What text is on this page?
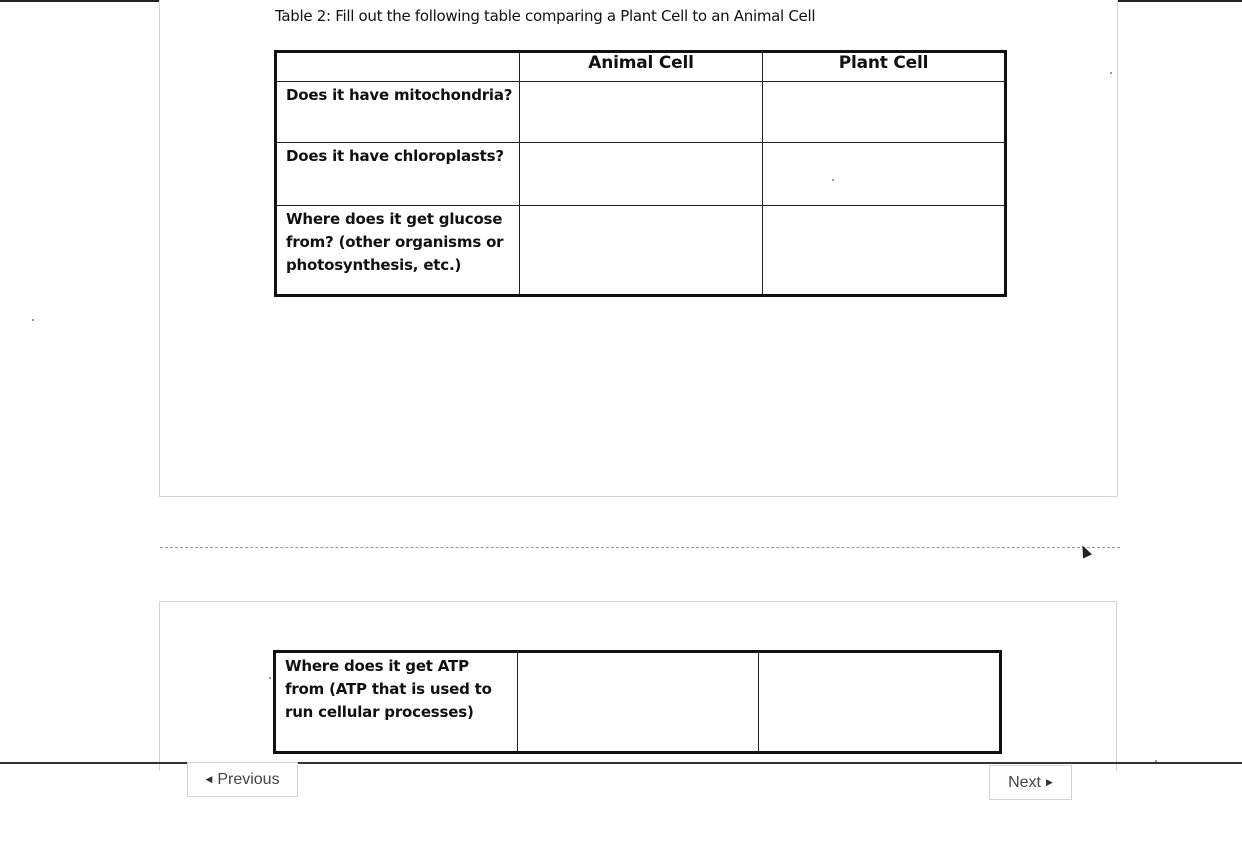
Table 2: Fill out the following table comparing a Plant Cell to an Animal Cell
	Animal Cell	Plant Cell

Does it have mitochondria?		

Does it have chloroplasts?		

Where does it get glucose from? (other organisms or photosynthesis, etc.)		

Where does it get ATP from (ATP that is used to run cellular processes)

◀ Previous	Next ▶
